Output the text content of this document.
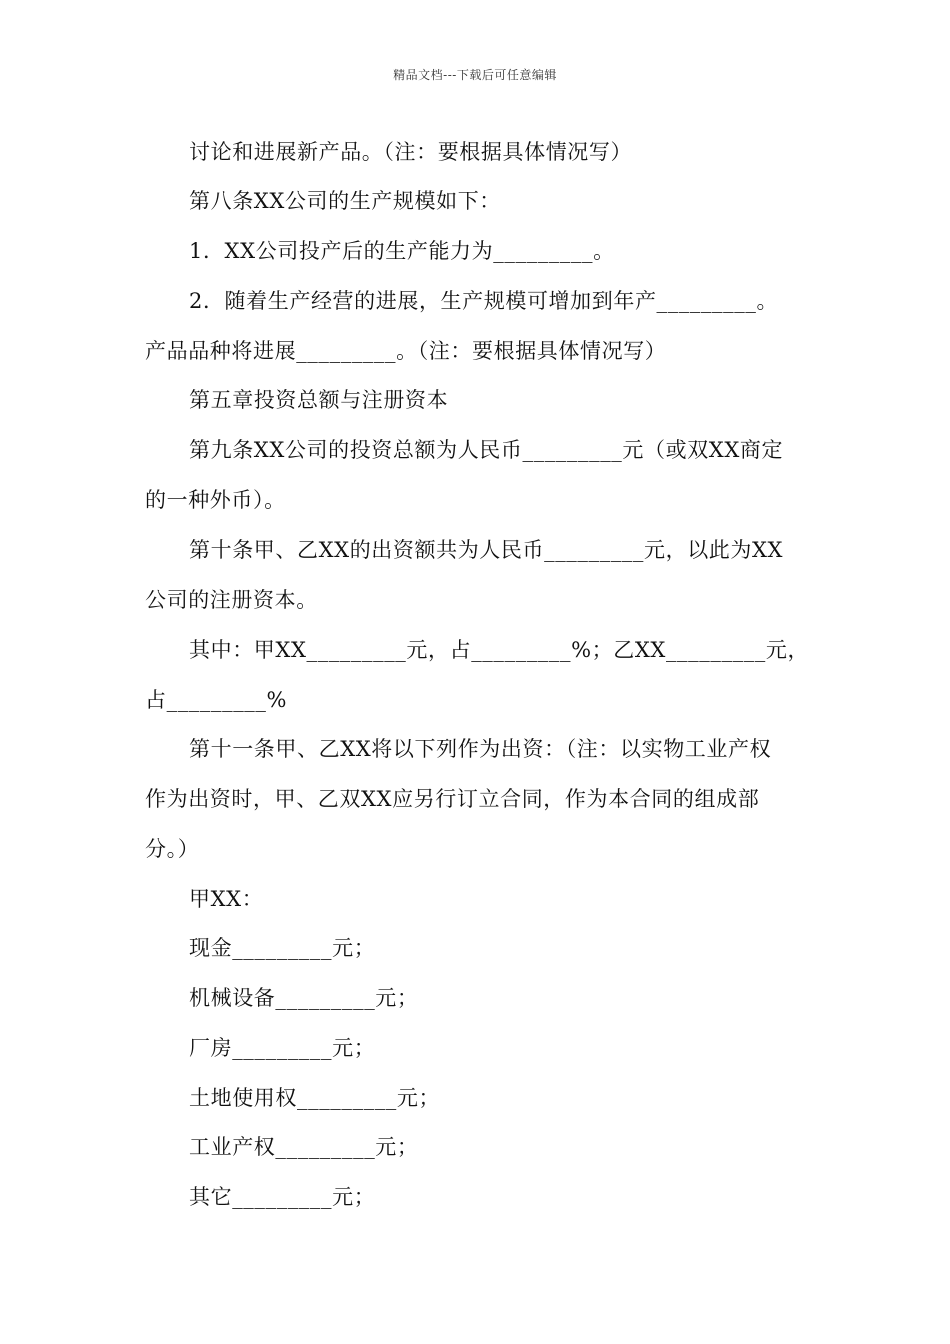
精品文档---下载后可任意编辑
讨论和进展新产品。（注：要根据具体情况写）
第八条XX公司的生产规模如下：
1．XX公司投产后的生产能力为_________。
2．随着生产经营的进展，生产规模可增加到年产_________。
产品品种将进展_________。（注：要根据具体情况写）
第五章投资总额与注册资本
第九条XX公司的投资总额为人民币_________元（或双XX商定
的一种外币）。
第十条甲、乙XX的出资额共为人民币_________元，以此为XX
公司的注册资本。
其中：甲XX_________元，占_________%；乙XX_________元，
占_________%
第十一条甲、乙XX将以下列作为出资：（注：以实物工业产权
作为出资时，甲、乙双XX应另行订立合同，作为本合同的组成部
分。）
甲XX：
现金_________元；
机械设备_________元；
厂房_________元；
土地使用权_________元；
工业产权_________元；
其它_________元；
